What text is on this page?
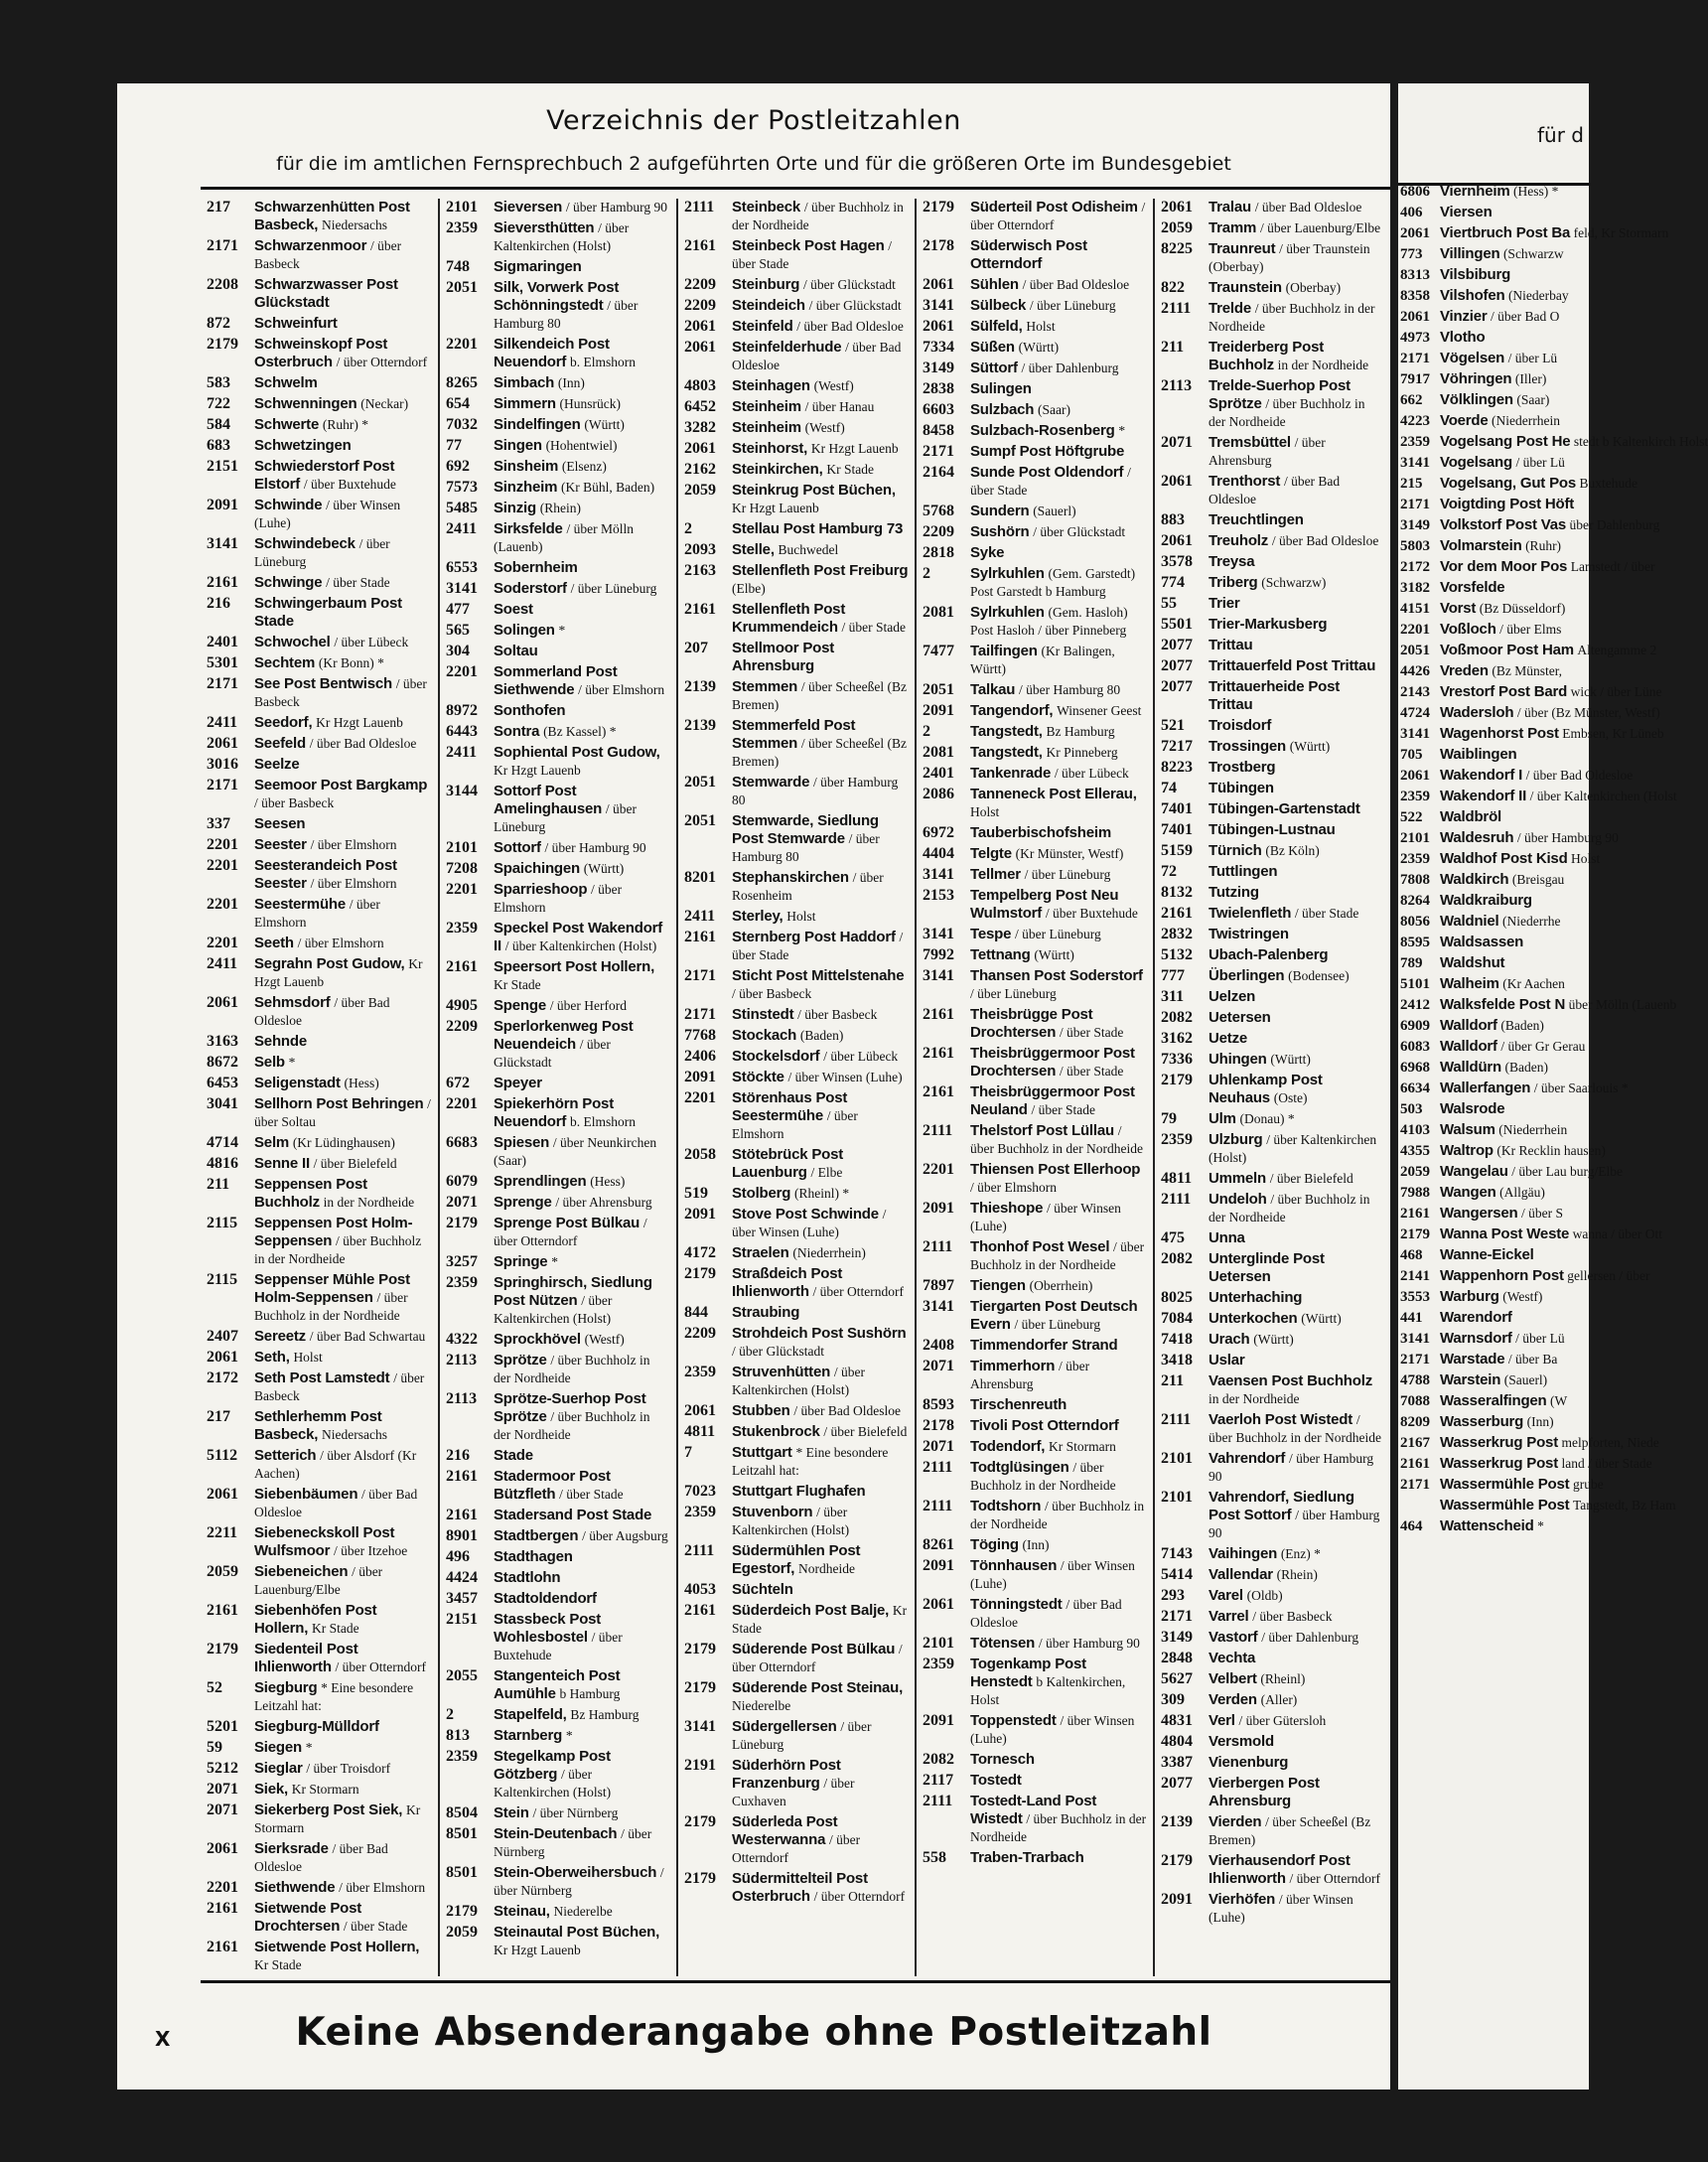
Verzeichnis der Postleitzahlen
für die im amtlichen Fernsprechbuch 2 aufgeführten Orte und für die größeren Orte im Bundesgebiet
217	Schwarzenhütten Post Basbeck, Niedersachs
2171	Schwarzenmoor / über Basbeck
2208	Schwarzwasser Post Glückstadt
872	Schweinfurt
2179	Schweinskopf Post Osterbruch / über Otterndorf
583	Schwelm
722	Schwenningen (Neckar)
584	Schwerte (Ruhr) *
683	Schwetzingen
2151	Schwiederstorf Post Elstorf / über Buxtehude
2091	Schwinde / über Winsen (Luhe)
3141	Schwindebeck / über Lüneburg
2161	Schwinge / über Stade
216	Schwingerbaum Post Stade
2401	Schwochel / über Lübeck
5301	Sechtem (Kr Bonn) *
2171	See Post Bentwisch / über Basbeck
2411	Seedorf, Kr Hzgt Lauenb
2061	Seefeld / über Bad Oldesloe
3016	Seelze
2171	Seemoor Post Bargkamp / über Basbeck
337	Seesen
2201	Seester / über Elmshorn
2201	Seesterandeich Post Seester / über Elmshorn
2201	Seestermühe / über Elmshorn
2201	Seeth / über Elmshorn
2411	Segrahn Post Gudow, Kr Hzgt Lauenb
2061	Sehmsdorf / über Bad Oldesloe
3163	Sehnde
8672	Selb *
6453	Seligenstadt (Hess)
3041	Sellhorn Post Behringen / über Soltau
4714	Selm (Kr Lüdinghausen)
4816	Senne II / über Bielefeld
211	Seppensen Post Buchholz in der Nordheide
2115	Seppensen Post Holm-Seppensen / über Buchholz in der Nordheide
2115	Seppenser Mühle Post Holm-Seppensen / über Buchholz in der Nordheide
2407	Sereetz / über Bad Schwartau
2061	Seth, Holst
2172	Seth Post Lamstedt / über Basbeck
217	Sethlerhemm Post Basbeck, Niedersachs
5112	Setterich / über Alsdorf (Kr Aachen)
2061	Siebenbäumen / über Bad Oldesloe
2211	Siebeneckskoll Post Wulfsmoor / über Itzehoe
2059	Siebeneichen / über Lauenburg/Elbe
2161	Siebenhöfen Post Hollern, Kr Stade
2179	Siedenteil Post Ihlienworth / über Otterndorf
52	Siegburg * Eine besondere Leitzahl hat:
5201	Siegburg-Mülldorf
59	Siegen *
5212	Sieglar / über Troisdorf
2071	Siek, Kr Stormarn
2071	Siekerberg Post Siek, Kr Stormarn
2061	Sierksrade / über Bad Oldesloe
2201	Siethwende / über Elmshorn
2161	Sietwende Post Drochtersen / über Stade
2161	Sietwende Post Hollern, Kr Stade
2101	Sieversen / über Hamburg 90
2359	Sieversthütten / über Kaltenkirchen (Holst)
748	Sigmaringen
2051	Silk, Vorwerk Post Schönningstedt / über Hamburg 80
2201	Silkendeich Post Neuendorf b. Elmshorn
8265	Simbach (Inn)
654	Simmern (Hunsrück)
7032	Sindelfingen (Württ)
77	Singen (Hohentwiel)
692	Sinsheim (Elsenz)
7573	Sinzheim (Kr Bühl, Baden)
5485	Sinzig (Rhein)
2411	Sirksfelde / über Mölln (Lauenb)
6553	Sobernheim
3141	Soderstorf / über Lüneburg
477	Soest
565	Solingen *
304	Soltau
2201	Sommerland Post Siethwende / über Elmshorn
8972	Sonthofen
6443	Sontra (Bz Kassel) *
2411	Sophiental Post Gudow, Kr Hzgt Lauenb
3144	Sottorf Post Amelinghausen / über Lüneburg
2101	Sottorf / über Hamburg 90
7208	Spaichingen (Württ)
2201	Sparrieshoop / über Elmshorn
2359	Speckel Post Wakendorf II / über Kaltenkirchen (Holst)
2161	Speersort Post Hollern, Kr Stade
4905	Spenge / über Herford
2209	Sperlorkenweg Post Neuendeich / über Glückstadt
672	Speyer
2201	Spiekerhörn Post Neuendorf b. Elmshorn
6683	Spiesen / über Neunkirchen (Saar)
6079	Sprendlingen (Hess)
2071	Sprenge / über Ahrensburg
2179	Sprenge Post Bülkau / über Otterndorf
3257	Springe *
2359	Springhirsch, Siedlung Post Nützen / über Kaltenkirchen (Holst)
4322	Sprockhövel (Westf)
2113	Sprötze / über Buchholz in der Nordheide
2113	Sprötze-Suerhop Post Sprötze / über Buchholz in der Nordheide
216	Stade
2161	Stadermoor Post Bützfleth / über Stade
2161	Stadersand Post Stade
8901	Stadtbergen / über Augsburg
496	Stadthagen
4424	Stadtlohn
3457	Stadtoldendorf
2151	Stassbeck Post Wohlesbostel / über Buxtehude
2055	Stangenteich Post Aumühle b Hamburg
2	Stapelfeld, Bz Hamburg
813	Starnberg *
2359	Stegelkamp Post Götzberg / über Kaltenkirchen (Holst)
8504	Stein / über Nürnberg
8501	Stein-Deutenbach / über Nürnberg
8501	Stein-Oberweihersbuch / über Nürnberg
2179	Steinau, Niederelbe
2059	Steinautal Post Büchen, Kr Hzgt Lauenb
2111	Steinbeck / über Buchholz in der Nordheide
2161	Steinbeck Post Hagen / über Stade
2209	Steinburg / über Glückstadt
2209	Steindeich / über Glückstadt
2061	Steinfeld / über Bad Oldesloe
2061	Steinfelderhude / über Bad Oldesloe
4803	Steinhagen (Westf)
6452	Steinheim / über Hanau
3282	Steinheim (Westf)
2061	Steinhorst, Kr Hzgt Lauenb
2162	Steinkirchen, Kr Stade
2059	Steinkrug Post Büchen, Kr Hzgt Lauenb
2	Stellau Post Hamburg 73
2093	Stelle, Buchwedel
2163	Stellenfleth Post Freiburg (Elbe)
2161	Stellenfleth Post Krummendeich / über Stade
207	Stellmoor Post Ahrensburg
2139	Stemmen / über Scheeßel (Bz Bremen)
2139	Stemmerfeld Post Stemmen / über Scheeßel (Bz Bremen)
2051	Stemwarde / über Hamburg 80
2051	Stemwarde, Siedlung Post Stemwarde / über Hamburg 80
8201	Stephanskirchen / über Rosenheim
2411	Sterley, Holst
2161	Sternberg Post Haddorf / über Stade
2171	Sticht Post Mittelstenahe / über Basbeck
2171	Stinstedt / über Basbeck
7768	Stockach (Baden)
2406	Stockelsdorf / über Lübeck
2091	Stöckte / über Winsen (Luhe)
2201	Störenhaus Post Seestermühe / über Elmshorn
2058	Stötebrück Post Lauenburg / Elbe
519	Stolberg (Rheinl) *
2091	Stove Post Schwinde / über Winsen (Luhe)
4172	Straelen (Niederrhein)
2179	Straßdeich Post Ihlienworth / über Otterndorf
844	Straubing
2209	Strohdeich Post Sushörn / über Glückstadt
2359	Struvenhütten / über Kaltenkirchen (Holst)
2061	Stubben / über Bad Oldesloe
4811	Stukenbrock / über Bielefeld
7	Stuttgart * Eine besondere Leitzahl hat:
7023	Stuttgart Flughafen
2359	Stuvenborn / über Kaltenkirchen (Holst)
2111	Südermühlen Post Egestorf, Nordheide
4053	Süchteln
2161	Süderdeich Post Balje, Kr Stade
2179	Süderende Post Bülkau / über Otterndorf
2179	Süderende Post Steinau, Niederelbe
3141	Südergellersen / über Lüneburg
2191	Süderhörn Post Franzenburg / über Cuxhaven
2179	Süderleda Post Westerwanna / über Otterndorf
2179	Südermittelteil Post Osterbruch / über Otterndorf
2179	Süderteil Post Odisheim / über Otterndorf
2178	Süderwisch Post Otterndorf
2061	Sühlen / über Bad Oldesloe
3141	Sülbeck / über Lüneburg
2061	Sülfeld, Holst
7334	Süßen (Württ)
3149	Süttorf / über Dahlenburg
2838	Sulingen
6603	Sulzbach (Saar)
8458	Sulzbach-Rosenberg *
2171	Sumpf Post Höftgrube
2164	Sunde Post Oldendorf / über Stade
5768	Sundern (Sauerl)
2209	Sushörn / über Glückstadt
2818	Syke
2	Sylrkuhlen (Gem. Garstedt) Post Garstedt b Hamburg
2081	Sylrkuhlen (Gem. Hasloh) Post Hasloh / über Pinneberg
7477	Tailfingen (Kr Balingen, Württ)
2051	Talkau / über Hamburg 80
2091	Tangendorf, Winsener Geest
2	Tangstedt, Bz Hamburg
2081	Tangstedt, Kr Pinneberg
2401	Tankenrade / über Lübeck
2086	Tanneneck Post Ellerau, Holst
6972	Tauberbischofsheim
4404	Telgte (Kr Münster, Westf)
3141	Tellmer / über Lüneburg
2153	Tempelberg Post Neu Wulmstorf / über Buxtehude
3141	Tespe / über Lüneburg
7992	Tettnang (Württ)
3141	Thansen Post Soderstorf / über Lüneburg
2161	Theisbrügge Post Drochtersen / über Stade
2161	Theisbrüggermoor Post Drochtersen / über Stade
2161	Theisbrüggermoor Post Neuland / über Stade
2111	Thelstorf Post Lüllau / über Buchholz in der Nordheide
2201	Thiensen Post Ellerhoop / über Elmshorn
2091	Thieshope / über Winsen (Luhe)
2111	Thonhof Post Wesel / über Buchholz in der Nordheide
7897	Tiengen (Oberrhein)
3141	Tiergarten Post Deutsch Evern / über Lüneburg
2408	Timmendorfer Strand
2071	Timmerhorn / über Ahrensburg
8593	Tirschenreuth
2178	Tivoli Post Otterndorf
2071	Todendorf, Kr Stormarn
2111	Todtglüsingen / über Buchholz in der Nordheide
2111	Todtshorn / über Buchholz in der Nordheide
8261	Töging (Inn)
2091	Tönnhausen / über Winsen (Luhe)
2061	Tönningstedt / über Bad Oldesloe
2101	Tötensen / über Hamburg 90
2359	Togenkamp Post Henstedt b Kaltenkirchen, Holst
2091	Toppenstedt / über Winsen (Luhe)
2082	Tornesch
2117	Tostedt
2111	Tostedt-Land Post Wistedt / über Buchholz in der Nordheide
558	Traben-Trarbach
2061	Tralau / über Bad Oldesloe
2059	Tramm / über Lauenburg/Elbe
8225	Traunreut / über Traunstein (Oberbay)
822	Traunstein (Oberbay)
2111	Trelde / über Buchholz in der Nordheide
211	Treiderberg Post Buchholz in der Nordheide
2113	Trelde-Suerhop Post Sprötze / über Buchholz in der Nordheide
2071	Tremsbüttel / über Ahrensburg
2061	Trenthorst / über Bad Oldesloe
883	Treuchtlingen
2061	Treuholz / über Bad Oldesloe
3578	Treysa
774	Triberg (Schwarzw)
55	Trier
5501	Trier-Markusberg
2077	Trittau
2077	Trittauerfeld Post Trittau
2077	Trittauerheide Post Trittau
521	Troisdorf
7217	Trossingen (Württ)
8223	Trostberg
74	Tübingen
7401	Tübingen-Gartenstadt
7401	Tübingen-Lustnau
5159	Türnich (Bz Köln)
72	Tuttlingen
8132	Tutzing
2161	Twielenfleth / über Stade
2832	Twistringen
5132	Ubach-Palenberg
777	Überlingen (Bodensee)
311	Uelzen
2082	Uetersen
3162	Uetze
7336	Uhingen (Württ)
2179	Uhlenkamp Post Neuhaus (Oste)
79	Ulm (Donau) *
2359	Ulzburg / über Kaltenkirchen (Holst)
4811	Ummeln / über Bielefeld
2111	Undeloh / über Buchholz in der Nordheide
475	Unna
2082	Unterglinde Post Uetersen
8025	Unterhaching
7084	Unterkochen (Württ)
7418	Urach (Württ)
3418	Uslar
211	Vaensen Post Buchholz in der Nordheide
2111	Vaerloh Post Wistedt / über Buchholz in der Nordheide
2101	Vahrendorf / über Hamburg 90
2101	Vahrendorf, Siedlung Post Sottorf / über Hamburg 90
7143	Vaihingen (Enz) *
5414	Vallendar (Rhein)
293	Varel (Oldb)
2171	Varrel / über Basbeck
3149	Vastorf / über Dahlenburg
2848	Vechta
5627	Velbert (Rheinl)
309	Verden (Aller)
4831	Verl / über Gütersloh
4804	Versmold
3387	Vienenburg
2077	Vierbergen Post Ahrensburg
2139	Vierden / über Scheeßel (Bz Bremen)
2179	Vierhausendorf Post Ihlienworth / über Otterndorf
2091	Vierhöfen / über Winsen (Luhe)
X	Keine Absenderangabe ohne Postleitzahl
für d
6806 Viernheim (Hess) *
406	Viersen
2061 Viertbruch Post Ba feld, Kr Stormarn
773	Villingen (Schwarzw
8313 Vilsbiburg
8358 Vilshofen (Niederbay
2061 Vinzier / über Bad O
4973 Vlotho
2171 Vögelsen / über Lü
7917 Vöhringen (Iller)
662	Völklingen (Saar)
4223 Voerde (Niederrhein
2359 Vogelsang Post He stedt b Kaltenkirch Holst
3141 Vogelsang / über Lü
215	Vogelsang, Gut Pos Buxtehude
2171 Voigtding Post Höft
3149 Volkstorf Post Vas über Dahlenburg
5803 Volmarstein (Ruhr)
2172 Vor dem Moor Pos Lamstedt / über
3182 Vorsfelde
4151 Vorst (Bz Düsseldorf)
2201 Voßloch / über Elms
2051 Voßmoor Post Ham Altengamme 2
4426 Vreden (Bz Münster,
2143 Vrestorf Post Bard wick / über Lüne
4724 Wadersloh / über (Bz Münster, Westf)
3141 Wagenhorst Post Embsen, Kr Lüneb
705	Waiblingen
2061 Wakendorf I / über Bad Oldesloe
2359 Wakendorf II / über Kaltenkirchen (Holst
522	Waldbröl
2101 Waldesruh / über Hamburg 90
2359 Waldhof Post Kisd Holst
7808 Waldkirch (Breisgau
8264 Waldkraiburg
8056 Waldniel (Niederrhe
8595 Waldsassen
789	Waldshut
5101 Walheim (Kr Aachen
2412 Walksfelde Post N über Mölln (Lauenb
6909 Walldorf (Baden)
6083 Walldorf / über Gr Gerau
6968 Walldürn (Baden)
6634 Wallerfangen / über Saarlouis *
503	Walsrode
4103 Walsum (Niederrhein
4355 Waltrop (Kr Recklin hausen)
2059 Wangelau / über Lau burg/Elbe
7988 Wangen (Allgäu)
2161 Wangersen / über S
2179 Wanna Post Weste wanna / über Ott
468	Wanne-Eickel
2141 Wappenhorn Post gellersen / über
3553 Warburg (Westf)
441	Warendorf
3141 Warnsdorf / über Lü
2171 Warstade / über Ba
4788 Warstein (Sauerl)
7088 Wasseralfingen (W
8209 Wasserburg (Inn)
2167 Wasserkrug Post melpforten, Niede
2161 Wasserkrug Post land / über Stade
2171 Wassermühle Post grube
Wassermühle Post Tangstedt, Bz Ham
464	Wattenscheid *
